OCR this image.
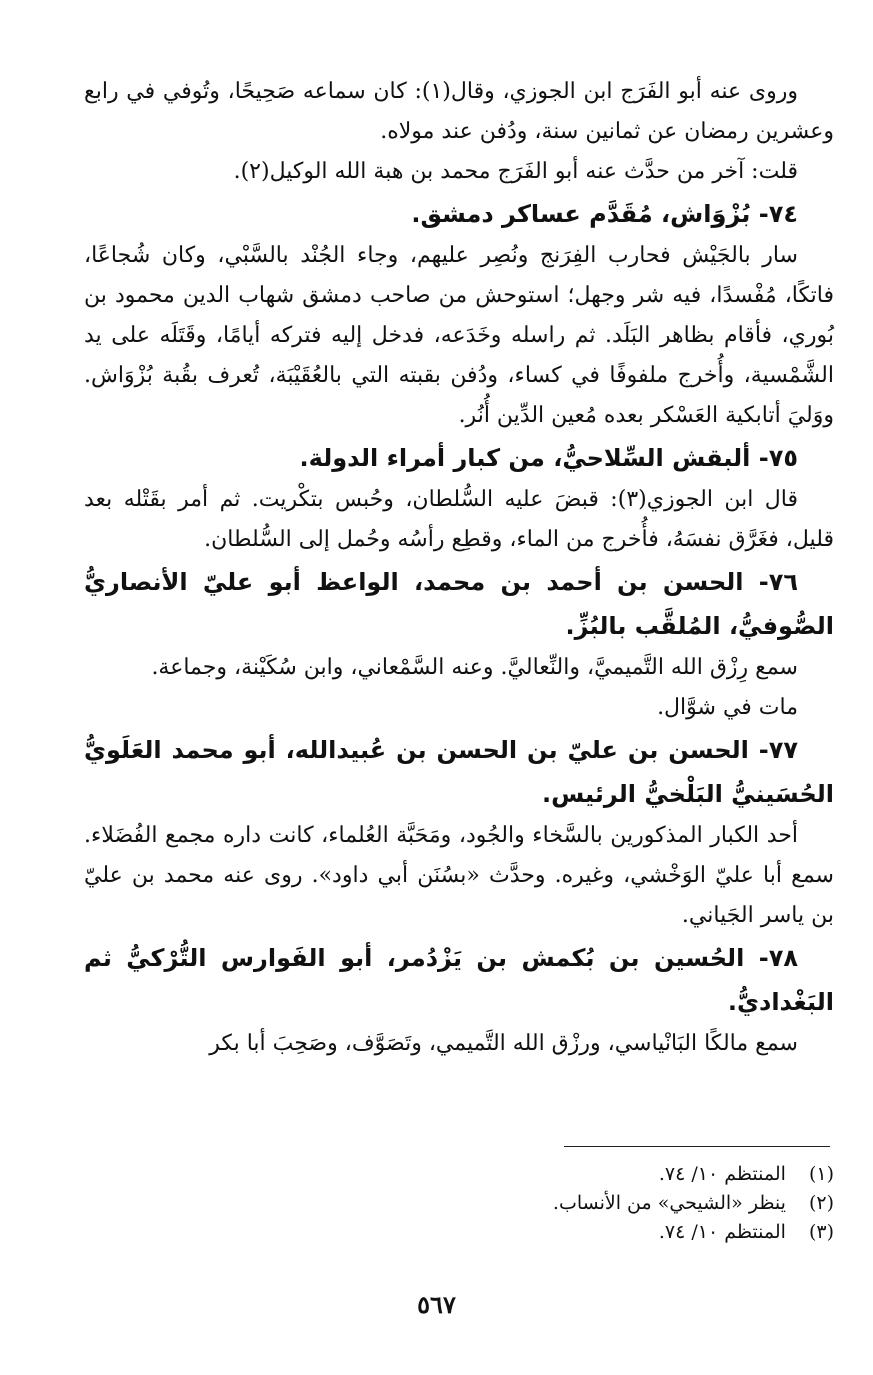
وروى عنه أبو الفَرَج ابن الجوزي، وقال(١): كان سماعه صَحِيحًا، وتُوفي في رابع وعشرين رمضان عن ثمانين سنة، ودُفن عند مولاه.

قلت: آخر من حدَّث عنه أبو الفَرَج محمد بن هبة الله الوكيل(٢).

٧٤- بُزْوَاش، مُقَدَّم عساكر دمشق.

سار بالجَيْش فحارب الفِرَنج ونُصِر عليهم، وجاء الجُنْد بالسَّبْي، وكان شُجاعًا، فاتكًا، مُفْسدًا، فيه شر وجهل؛ استوحش من صاحب دمشق شهاب الدين محمود بن بُوري، فأقام بظاهر البَلَد. ثم راسله وخَدَعه، فدخل إليه فتركه أيامًا، وقَتَلَه على يد الشَّمْسية، وأُخرج ملفوفًا في كساء، ودُفن بقبته التي بالعُقَيْبَة، تُعرف بقُبة بُزْوَاش. ووَليَ أتابكية العَسْكر بعده مُعين الدِّين أُنُر.

٧٥- ألبقش السِّلاحيُّ، من كبار أمراء الدولة.

قال ابن الجوزي(٣): قبضَ عليه السُّلطان، وحُبس بتكْريت. ثم أمر بقَتْله بعد قليل، فغَرَّق نفسَهُ، فأُخرج من الماء، وقطِع رأسُه وحُمل إلى السُّلطان.

٧٦- الحسن بن أحمد بن محمد، الواعظ أبو عليّ الأنصاريُّ الصُّوفيُّ، المُلقَّب بالبُزِّ.

سمع رِزْق الله التَّميميَّ، والنِّعاليَّ. وعنه السَّمْعاني، وابن سُكَيْنة، وجماعة.

مات في شوَّال.

٧٧- الحسن بن عليّ بن الحسن بن عُبيدالله، أبو محمد العَلَويُّ الحُسَينيُّ البَلْخيُّ الرئيس.

أحد الكبار المذكورين بالسَّخاء والجُود، ومَحَبَّة العُلماء، كانت داره مجمع الفُضَلاء. سمع أبا عليّ الوَخْشي، وغيره. وحدَّث «بسُنَن أبي داود». روى عنه محمد بن عليّ بن ياسر الجَياني.

٧٨- الحُسين بن بُكمش بن يَزْدُمر، أبو الفَوارس التُّرْكيُّ ثم البَغْداديُّ.

سمع مالكًا البَانْياسي، ورزْق الله التَّميمي، وتَصَوَّف، وصَحِبَ أبا بكر

(١) المنتظم ١٠/ ٧٤.

(٢) ينظر «الشيحي» من الأنساب.

(٣) المنتظم ١٠/ ٧٤.

٥٦٧
